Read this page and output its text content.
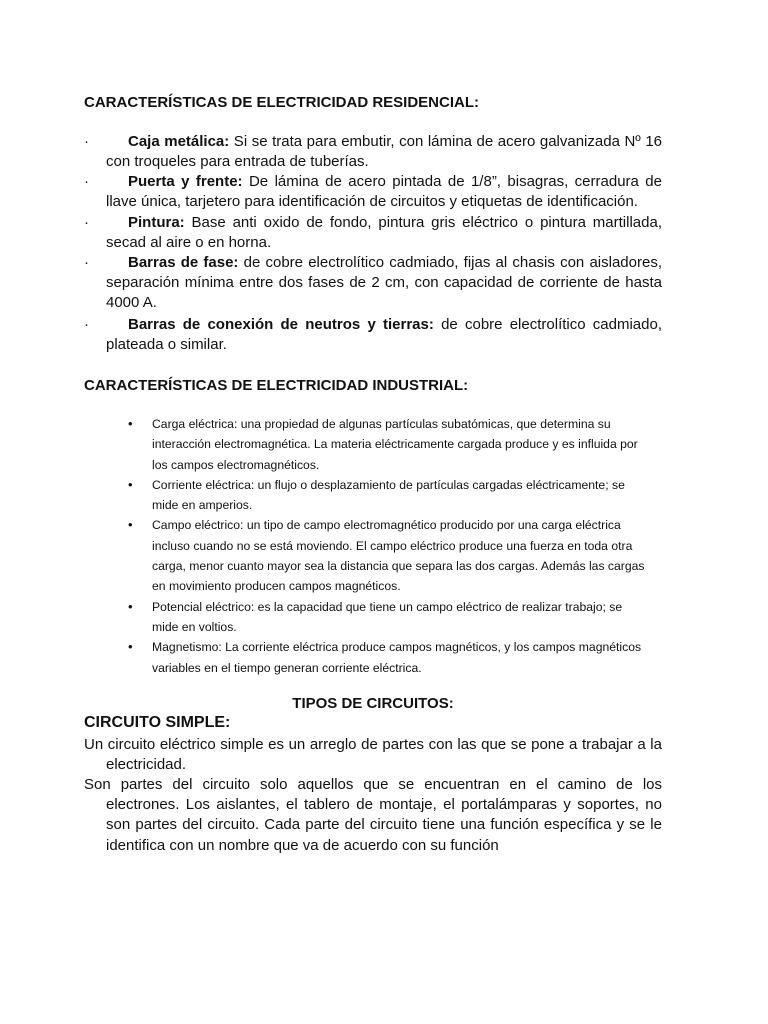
CARACTERÍSTICAS DE ELECTRICIDAD RESIDENCIAL:
·	Caja metálica: Si se trata para embutir, con lámina de acero galvanizada Nº 16 con troqueles para entrada de tuberías.
·	Puerta y frente: De lámina de acero pintada de 1/8”, bisagras, cerradura de llave única, tarjetero para identificación de circuitos y etiquetas de identificación.
·	Pintura: Base anti oxido de fondo, pintura gris eléctrico o pintura martillada, secad al aire o en horna.
·	Barras de fase: de cobre electrolítico cadmiado, fijas al chasis con aisladores, separación mínima entre dos fases de 2 cm, con capacidad de corriente de hasta 4000 A.
·	Barras de conexión de neutros y tierras: de cobre electrolítico cadmiado, plateada o similar.
CARACTERÍSTICAS DE ELECTRICIDAD INDUSTRIAL:
• Carga eléctrica: una propiedad de algunas partículas subatómicas, que determina su interacción electromagnética. La materia eléctricamente cargada produce y es influida por los campos electromagnéticos.
• Corriente eléctrica: un flujo o desplazamiento de partículas cargadas eléctricamente; se mide en amperios.
• Campo eléctrico: un tipo de campo electromagnético producido por una carga eléctrica incluso cuando no se está moviendo. El campo eléctrico produce una fuerza en toda otra carga, menor cuanto mayor sea la distancia que separa las dos cargas. Además las cargas en movimiento producen campos magnéticos.
• Potencial eléctrico: es la capacidad que tiene un campo eléctrico de realizar trabajo; se mide en voltios.
• Magnetismo: La corriente eléctrica produce campos magnéticos, y los campos magnéticos variables en el tiempo generan corriente eléctrica.
TIPOS DE CIRCUITOS:
CIRCUITO SIMPLE:
Un circuito eléctrico simple es un arreglo de partes con las que se pone a trabajar a la electricidad.
Son partes del circuito solo aquellos que se encuentran en el camino de los electrones. Los aislantes, el tablero de montaje, el portalámparas y soportes, no son partes del circuito. Cada parte del circuito tiene una función específica y se le identifica con un nombre que va de acuerdo con su función
